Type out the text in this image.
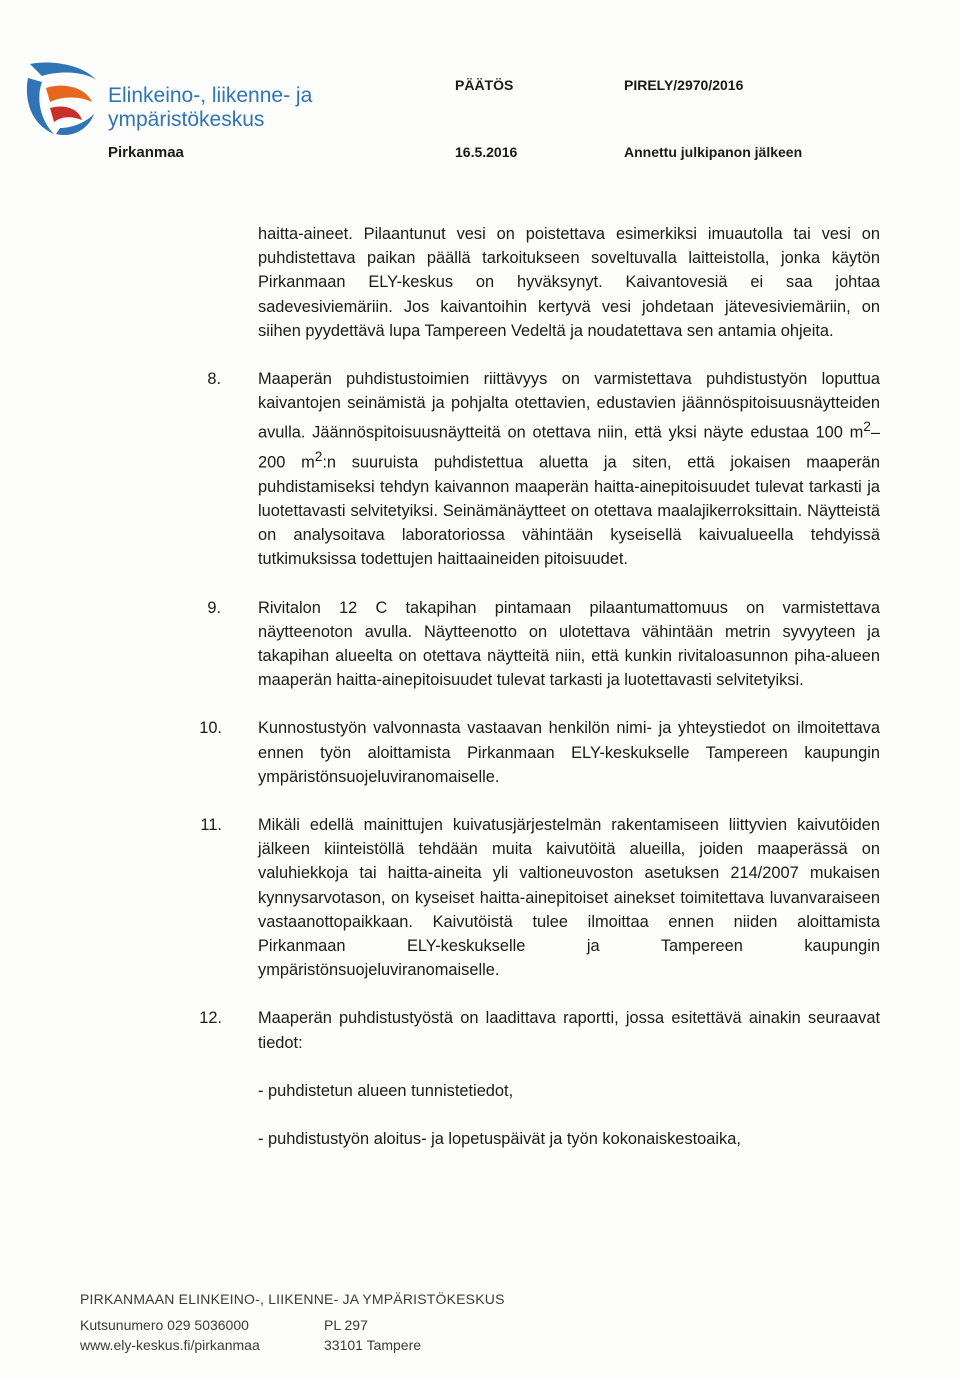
Elinkeino-, liikenne- ja
ympäristökeskus
Pirkanmaa
PÄÄTÖS
16.5.2016
PIRELY/2970/2016
Annettu julkipanon jälkeen
haitta-aineet. Pilaantunut vesi on poistettava esimerkiksi imuautolla tai vesi on puhdistettava paikan päällä tarkoitukseen soveltuvalla laitteistolla, jonka käytön Pirkanmaan ELY-keskus on hyväksynyt. Kaivantovesiä ei saa johtaa sadevesiviemäriin. Jos kaivantoihin kertyvä vesi johdetaan jätevesiviemäriin, on siihen pyydettävä lupa Tampereen Vedeltä ja noudatettava sen antamia ohjeita.
8. Maaperän puhdistustoimien riittävyys on varmistettava puhdistustyön loputtua kaivantojen seinämistä ja pohjalta otettavien, edustavien jäännöspitoisuusnäytteiden avulla. Jäännöspitoisuusnäytteitä on otettava niin, että yksi näyte edustaa 100 $m^2-200$ $m^2:n$ suuruista puhdistettua aluetta ja siten, että jokaisen maaperän puhdistamiseksi tehdyn kaivannon maaperän haitta-ainepitoisuudet tulevat tarkasti ja luotettavasti selvitetyiksi. Seinämänäytteet on otettava maalajikerroksittain. Näytteistä on analysoitava laboratoriossa vähintään kyseisellä kaivualueella tehdyissä tutkimuksissa todettujen haittaaineiden pitoisuudet.
9. Rivitalon 12 C takapihan pintamaan pilaantumattomuus on varmistettava näytteenoton avulla. Näytteenotto on ulotettava vähintään metrin syvyyteen ja takapihan alueelta on otettava näytteitä niin, että kunkin rivitaloasunnon piha-alueen maaperän haitta-ainepitoisuudet tulevat tarkasti ja luotettavasti selvitetyiksi.
10. Kunnostustyön valvonnasta vastaavan henkilön nimi- ja yhteystiedot on ilmoitettava ennen työn aloittamista Pirkanmaan ELY-keskukselle Tampereen kaupungin ympäristönsuojeluviranomaiselle.
11. Mikäli edellä mainittujen kuivatusjärjestelmän rakentamiseen liittyvien kaivutöiden jälkeen kiinteistöllä tehdään muita kaivutöitä alueilla, joiden maaperässä on valuhiekkoja tai haitta-aineita yli valtioneuvoston asetuksen 214/2007 mukaisen kynnysarvotason, on kyseiset haitta-ainepitoiset ainekset toimitettava luvanvaraiseen vastaanottopaikkaan. Kaivutöistä tulee ilmoittaa ennen niiden aloittamista Pirkanmaan ELY-keskukselle ja Tampereen kaupungin ympäristönsuojeluviranomaiselle.
12. Maaperän puhdistustyöstä on laadittava raportti, jossa esitettävä ainakin seuraavat tiedot:
- puhdistetun alueen tunnistetiedot,
- puhdistustyön aloitus- ja lopetuspäivät ja työn kokonaiskestoaika,
PIRKANMAAN ELINKEINO-, LIIKENNE- JA YMPÄRISTÖKESKUS
Kutsunumero 029 5036000
www.ely-keskus.fi/pirkanmaa
PL 297
33101 Tampere
